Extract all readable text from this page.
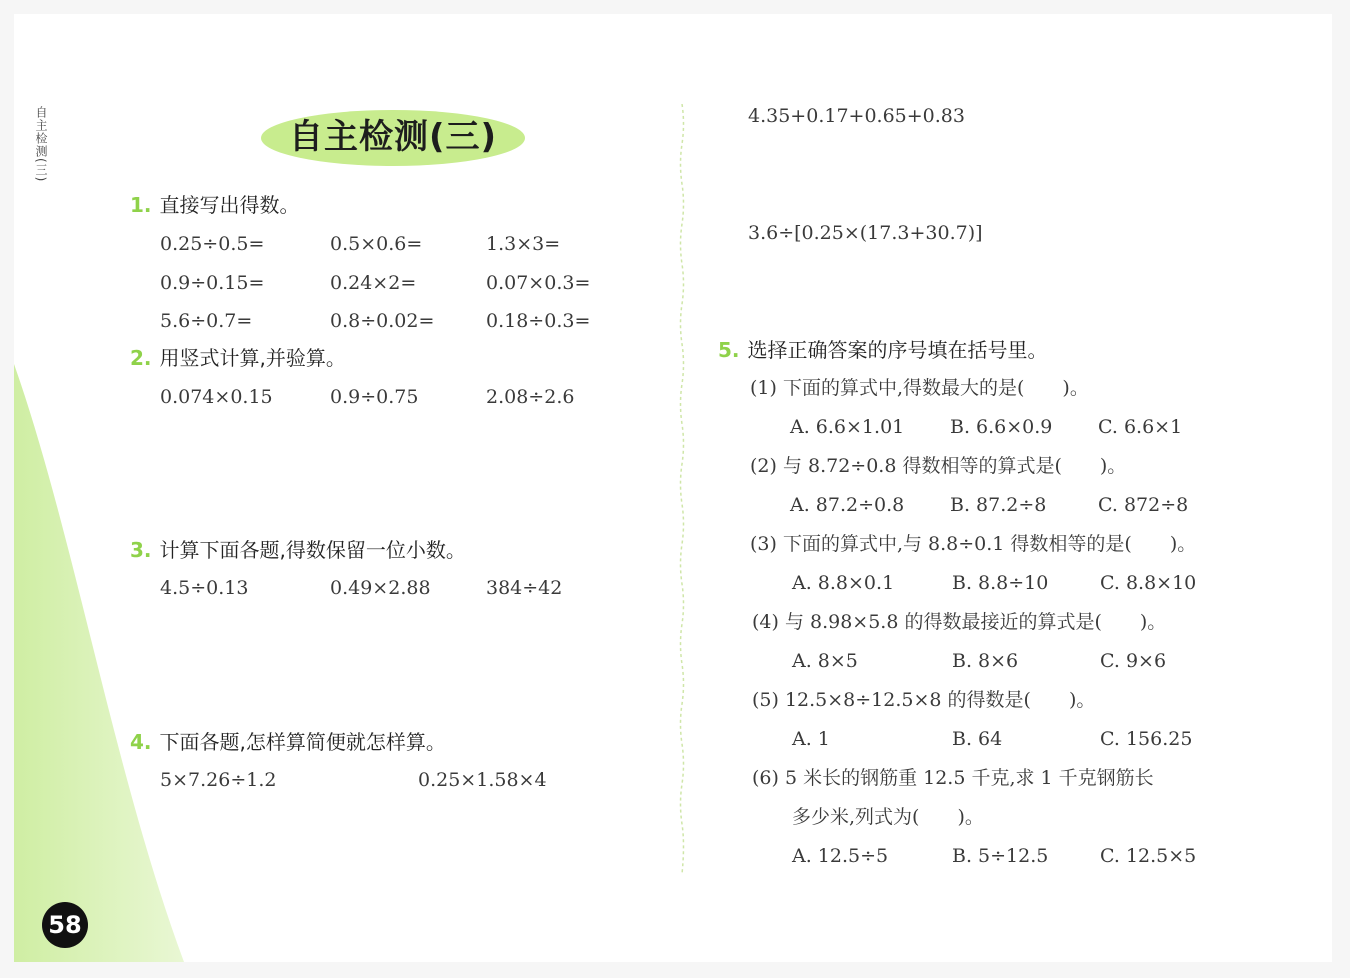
自主检测(三)	自主检测(三)
1. 直接写出得数。
0.25÷0.5=	0.5×0.6=	1.3×3=
0.9÷0.15=	0.24×2=	0.07×0.3=
5.6÷0.7=	0.8÷0.02=	0.18÷0.3=
2. 用竖式计算,并验算。
0.074×0.15	0.9÷0.75	2.08÷2.6
3. 计算下面各题,得数保留一位小数。
4.5÷0.13	0.49×2.88	384÷42
4. 下面各题,怎样算简便就怎样算。
5×7.26÷1.2	0.25×1.58×4
4.35+0.17+0.65+0.83
3.6÷[0.25×(17.3+30.7)]
5. 选择正确答案的序号填在括号里。
(1) 下面的算式中,得数最大的是(　　)。
A. 6.6×1.01 B. 6.6×0.9 C. 6.6×1
(2) 与 8.72÷0.8 得数相等的算式是(　　)。
A. 87.2÷0.8 B. 87.2÷8	C. 872÷8
(3) 下面的算式中,与 8.8÷0.1 得数相等的是(　　)。
A. 8.8×0.1	B. 8.8÷10	C. 8.8×10
(4) 与 8.98×5.8 的得数最接近的算式是(　　)。
A. 8×5	B. 8×6	C. 9×6
(5) 12.5×8÷12.5×8 的得数是(　　)。
A. 1	B. 64	C. 156.25
(6) 5 米长的钢筋重 12.5 千克,求 1 千克钢筋长
多少米,列式为(　　)。
A. 12.5÷5	B. 5÷12.5	C. 12.5×5
58
